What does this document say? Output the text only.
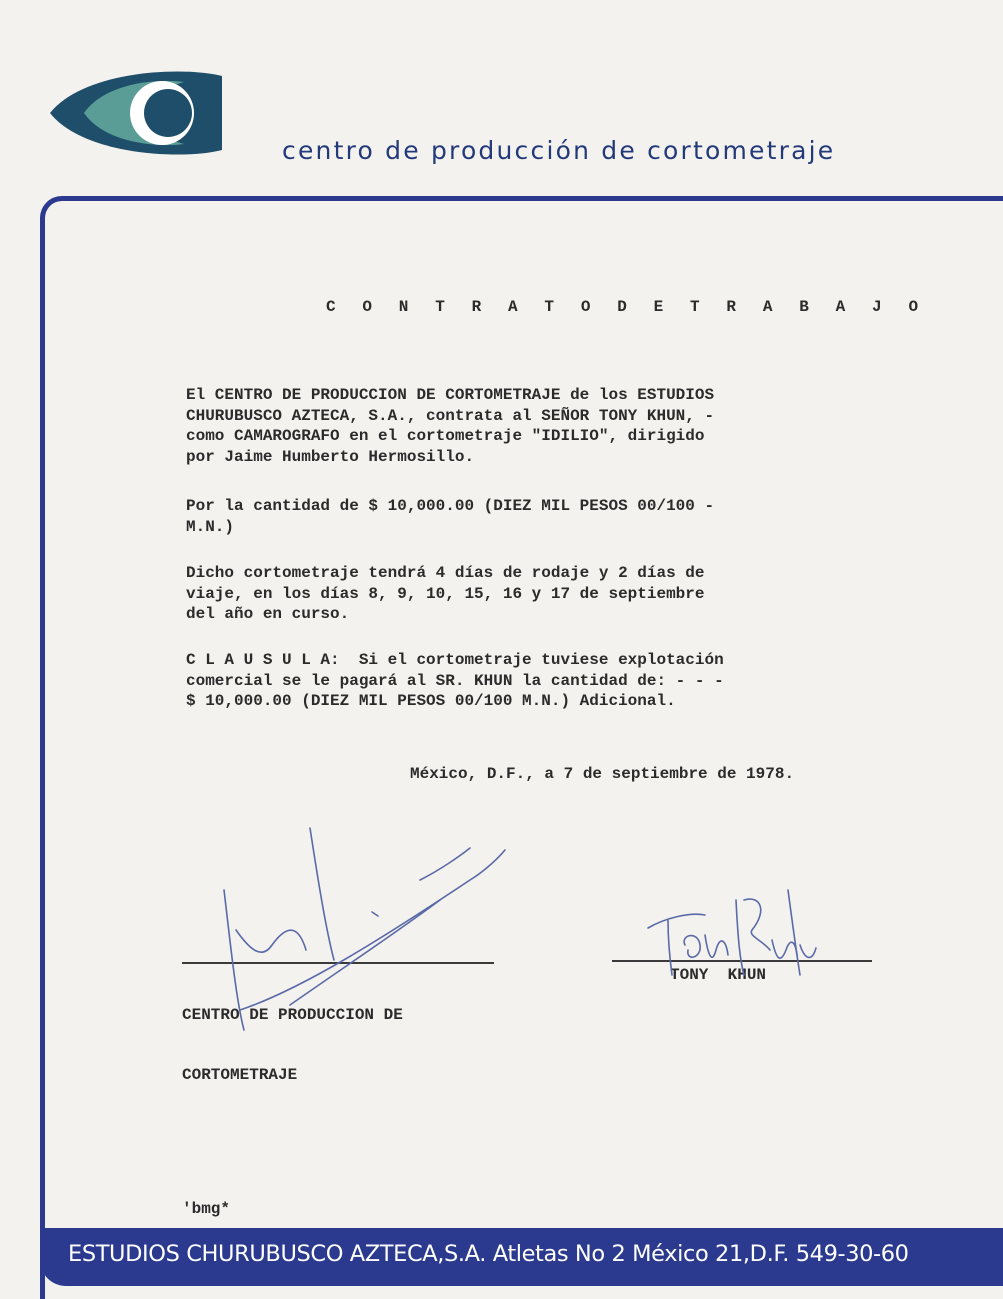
centro de producción de cortometraje
ESTUDIOS CHURUBUSCO AZTECA,S.A. Atletas No 2 México 21,D.F. 549-30-60
C O N T R A T O D E T R A B A J O
El CENTRO DE PRODUCCION DE CORTOMETRAJE de los ESTUDIOS
CHURUBUSCO AZTECA, S.A., contrata al SEÑOR TONY KHUN, -
como CAMAROGRAFO en el cortometraje "IDILIO", dirigido
por Jaime Humberto Hermosillo.
Por la cantidad de $ 10,000.00 (DIEZ MIL PESOS 00/100 -
M.N.)
Dicho cortometraje tendrá 4 días de rodaje y 2 días de
viaje, en los días 8, 9, 10, 15, 16 y 17 de septiembre
del año en curso.
C L A U S U L A:  Si el cortometraje tuviese explotación
comercial se le pagará al SR. KHUN la cantidad de: - - -
$ 10,000.00 (DIEZ MIL PESOS 00/100 M.N.) Adicional.
México, D.F., a 7 de septiembre de 1978.

CENTRO DE PRODUCCION DE

CORTOMETRAJE

TONY  KHUN
'bmg*
